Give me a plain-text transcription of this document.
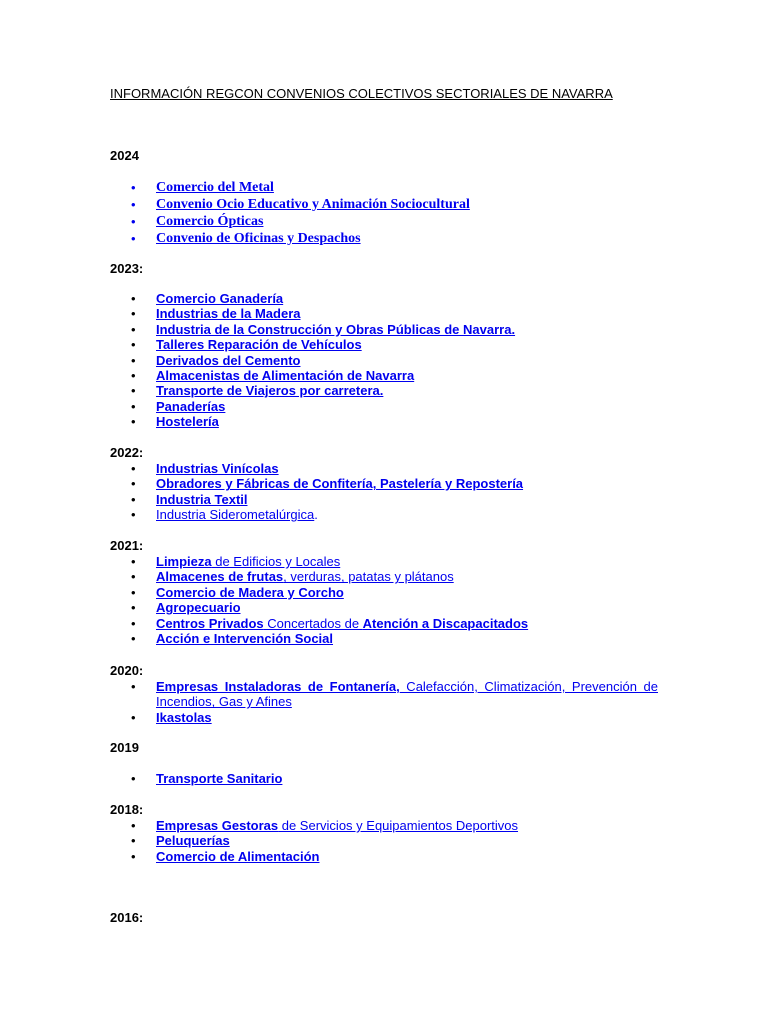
INFORMACIÓN REGCON CONVENIOS COLECTIVOS SECTORIALES DE NAVARRA

2024

• Comercio del Metal
• Convenio Ocio Educativo y Animación Sociocultural
• Comercio Ópticas
• Convenio de Oficinas y Despachos

2023:

• Comercio Ganadería
• Industrias de la Madera
• Industria de la Construcción y Obras Públicas de Navarra.
• Talleres Reparación de Vehículos
• Derivados del Cemento
• Almacenistas de Alimentación de Navarra
• Transporte de Viajeros por carretera.
• Panaderías
• Hostelería

2022:

• Industrias Vinícolas
• Obradores y Fábricas de Confitería, Pastelería y Repostería
• Industria Textil
• Industria Siderometalúrgica.

2021:

• Limpieza de Edificios y Locales
• Almacenes de frutas, verduras, patatas y plátanos
• Comercio de Madera y Corcho
• Agropecuario
• Centros Privados Concertados de Atención a Discapacitados
• Acción e Intervención Social

2020:

• Empresas Instaladoras de Fontanería, Calefacción, Climatización, Prevención de Incendios, Gas y Afines
• Ikastolas

2019

• Transporte Sanitario

2018:

• Empresas Gestoras de Servicios y Equipamientos Deportivos
• Peluquerías
• Comercio de Alimentación

2016:
